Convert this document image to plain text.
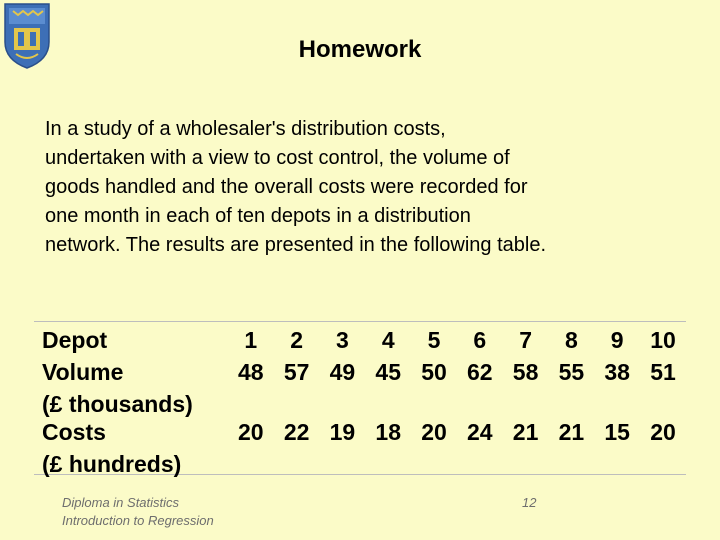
Homework
In a study of a wholesaler's distribution costs,
undertaken with a view to cost control, the volume of
goods handled and the overall costs were recorded for
one month in each of ten depots in a distribution
network. The results are presented in the following table.
Depot	1	2	3	4	5	6	7	8	9	10
Volume	48	57	49	45	50	62	58	55	38	51
(£ thousands)										
Costs	20	22	19	18	20	24	21	21	15	20
(£ hundreds)										
Diploma in Statistics
Introduction to Regression
12
